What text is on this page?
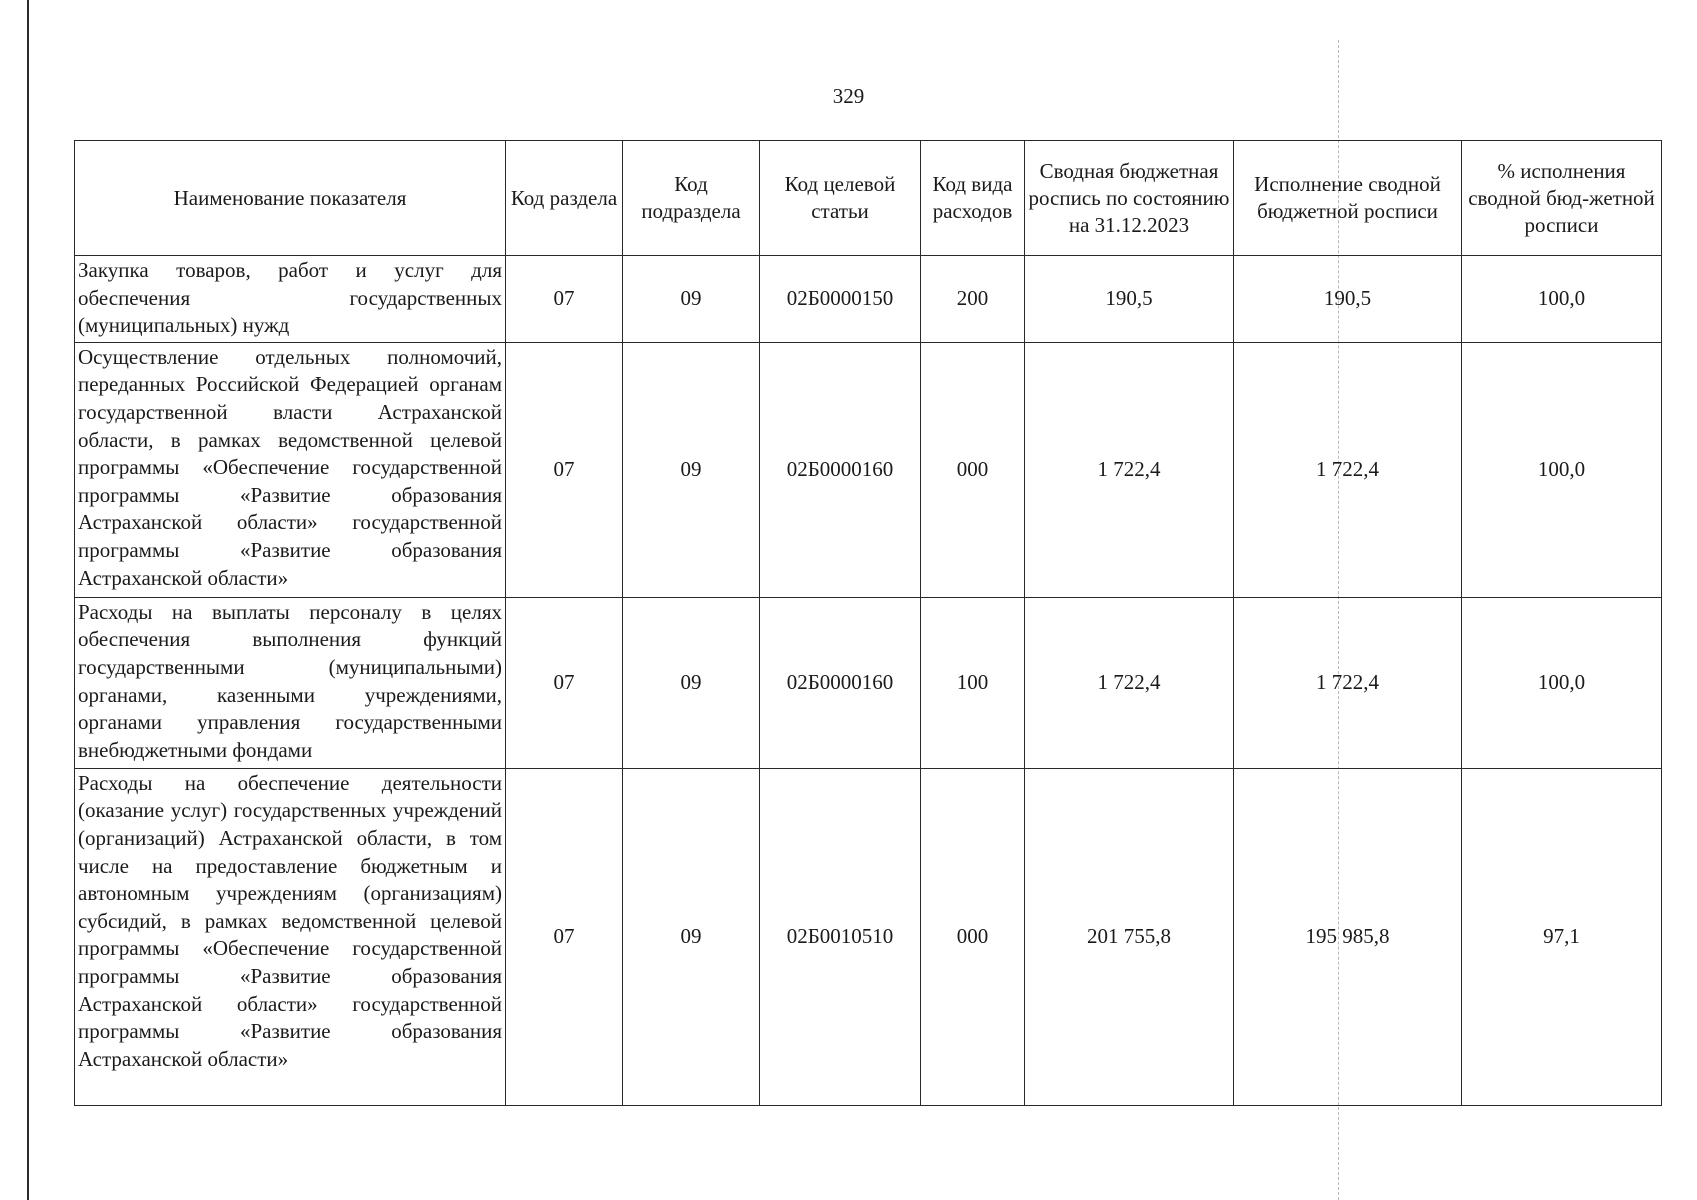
329
Наименование показателя	Код раздела	Код подраздела	Код целевой статьи	Код вида расходов	Сводная бюджетная роспись по состоянию на 31.12.2023	Исполнение сводной бюджетной росписи	% исполнения сводной бюд-жетной росписи
Закупка товаров, работ и услуг для обеспечения государственных (муниципальных) нужд	07	09	02Б0000150	200	190,5	190,5	100,0
Осуществление отдельных полномочий, переданных Российской Федерацией органам государственной власти Астраханской области, в рамках ведомственной целевой программы «Обеспечение государственной программы «Развитие образования Астраханской области» государственной программы «Развитие образования Астраханской области»	07	09	02Б0000160	000	1 722,4	1 722,4	100,0
Расходы на выплаты персоналу в целях обеспечения выполнения функций государственными (муниципальными) органами, казенными учреждениями, органами управления государственными внебюджетными фондами	07	09	02Б0000160	100	1 722,4	1 722,4	100,0
Расходы на обеспечение деятельности (оказание услуг) государственных учреждений (организаций) Астраханской области, в том числе на предоставление бюджетным и автономным учреждениям (организациям) субсидий, в рамках ведомственной целевой программы «Обеспечение государственной программы «Развитие образования Астраханской области» государственной программы «Развитие образования Астраханской области»	07	09	02Б0010510	000	201 755,8	195 985,8	97,1
